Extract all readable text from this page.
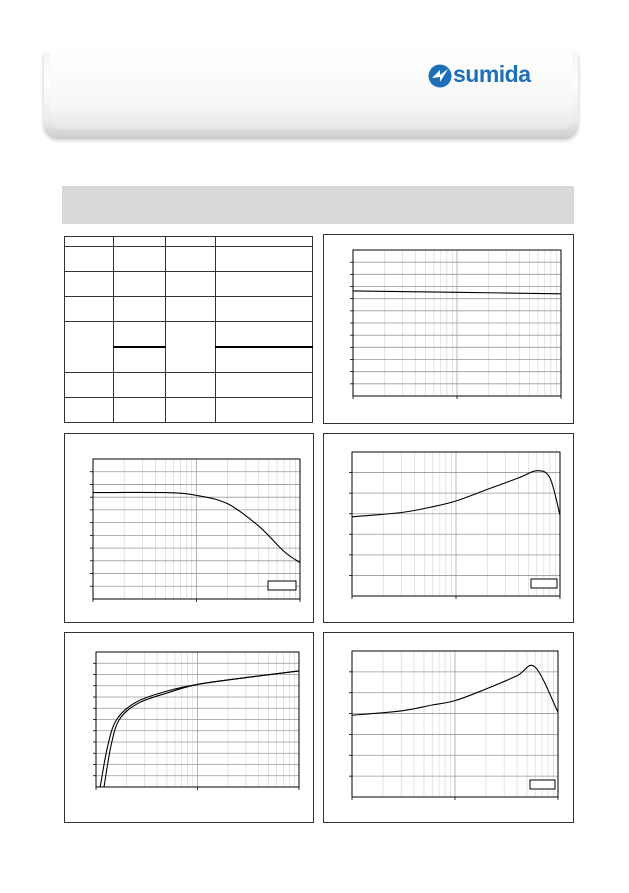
sumida
